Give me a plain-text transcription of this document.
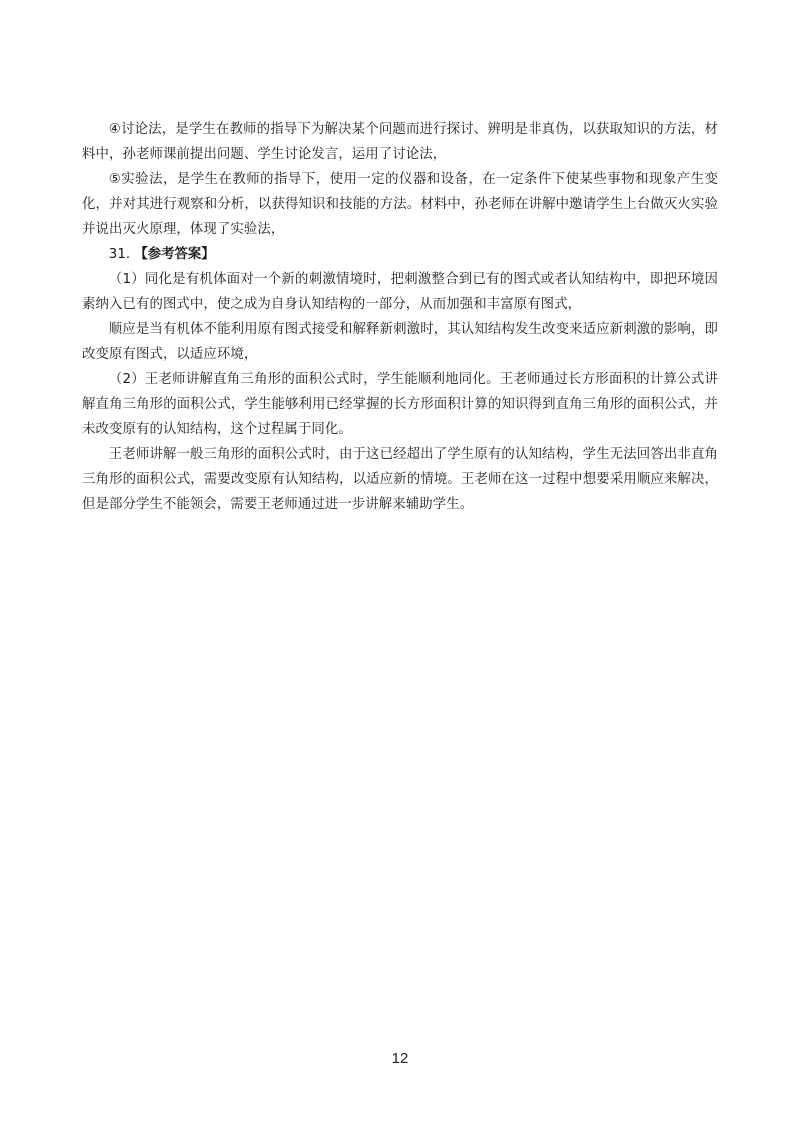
④讨论法，是学生在教师的指导下为解决某个问题而进行探讨、辨明是非真伪，以获取知识的方法，材料中，孙老师课前提出问题、学生讨论发言，运用了讨论法，

⑤实验法，是学生在教师的指导下，使用一定的仪器和设备，在一定条件下使某些事物和现象产生变化，并对其进行观察和分析，以获得知识和技能的方法。材料中，孙老师在讲解中邀请学生上台做灭火实验并说出灭火原理，体现了实验法，

31. 【参考答案】

（1）同化是有机体面对一个新的刺激情境时，把刺激整合到已有的图式或者认知结构中，即把环境因素纳入已有的图式中，使之成为自身认知结构的一部分，从而加强和丰富原有图式，

顺应是当有机体不能利用原有图式接受和解释新刺激时，其认知结构发生改变来适应新刺激的影响，即改变原有图式，以适应环境，

（2）王老师讲解直角三角形的面积公式时，学生能顺利地同化。王老师通过长方形面积的计算公式讲解直角三角形的面积公式，学生能够利用已经掌握的长方形面积计算的知识得到直角三角形的面积公式，并未改变原有的认知结构，这个过程属于同化。

王老师讲解一般三角形的面积公式时，由于这已经超出了学生原有的认知结构，学生无法回答出非直角三角形的面积公式，需要改变原有认知结构，以适应新的情境。王老师在这一过程中想要采用顺应来解决，但是部分学生不能领会，需要王老师通过进一步讲解来辅助学生。

12
